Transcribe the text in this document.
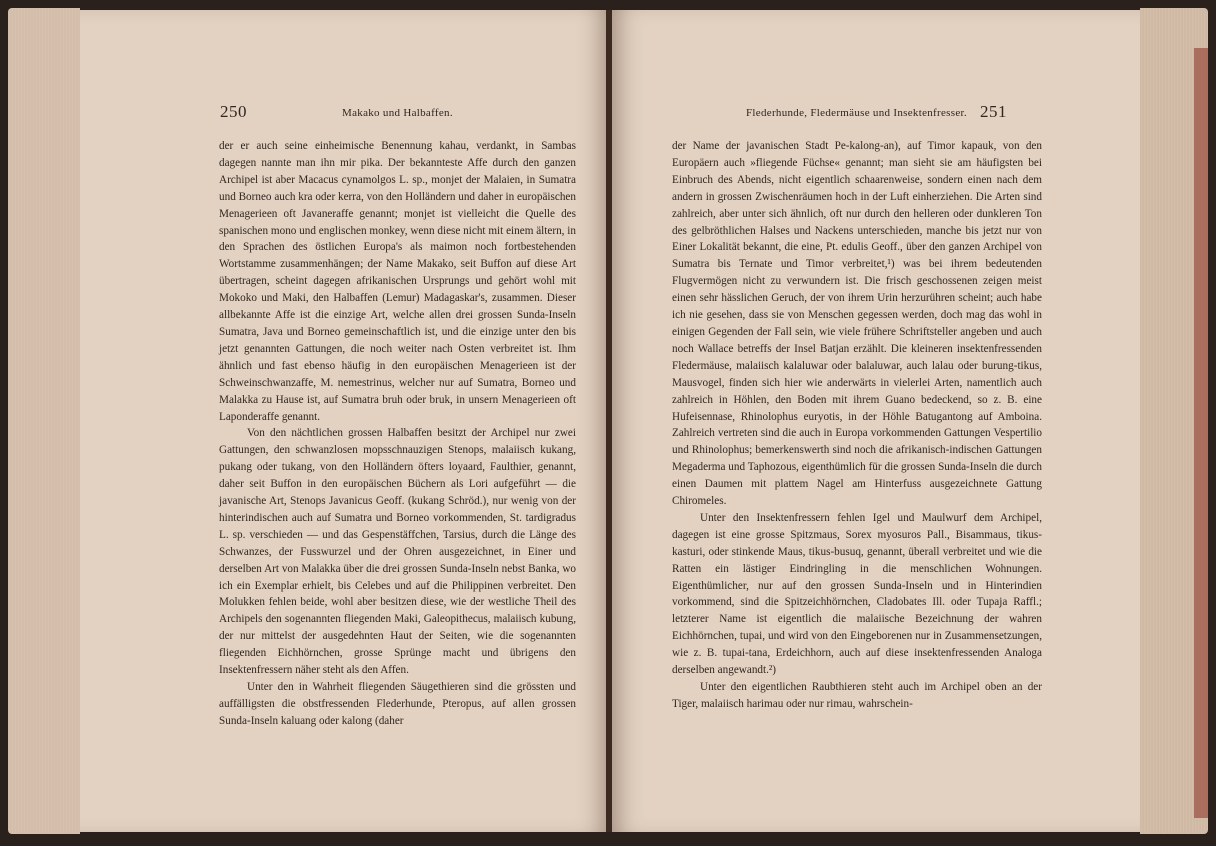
250	Makako und Halbaffen.

der er auch seine einheimische Benennung kahau, verdankt, in Sambas dagegen nannte man ihn mir pika. Der bekannteste Affe durch den ganzen Archipel ist aber Macacus cynamolgos L. sp., monjet der Malaien, in Sumatra und Borneo auch kra oder kerra, von den Holländern und daher in europäischen Menagerieen oft Javaneraffe genannt; monjet ist vielleicht die Quelle des spanischen mono und englischen monkey, wenn diese nicht mit einem ältern, in den Sprachen des östlichen Europa's als maimon noch fortbestehenden Wortstamme zusammenhängen; der Name Makako, seit Buffon auf diese Art übertragen, scheint dagegen afrikanischen Ursprungs und gehört wohl mit Mokoko und Maki, den Halbaffen (Lemur) Madagaskar's, zusammen. Dieser allbekannte Affe ist die einzige Art, welche allen drei grossen Sunda-Inseln Sumatra, Java und Borneo gemeinschaftlich ist, und die einzige unter den bis jetzt genannten Gattungen, die noch weiter nach Osten verbreitet ist. Ihm ähnlich und fast ebenso häufig in den europäischen Menagerieen ist der Schweinschwanzaffe, M. nemestrinus, welcher nur auf Sumatra, Borneo und Malakka zu Hause ist, auf Sumatra bruh oder bruk, in unsern Menagerieen oft Laponderaffe genannt.

Von den nächtlichen grossen Halbaffen besitzt der Archipel nur zwei Gattungen, den schwanzlosen mopsschnauzigen Stenops, malaiisch kukang, pukang oder tukang, von den Holländern öfters loyaard, Faulthier, genannt, daher seit Buffon in den europäischen Büchern als Lori aufgeführt — die javanische Art, Stenops Javanicus Geoff. (kukang Schröd.), nur wenig von der hinterindischen auch auf Sumatra und Borneo vorkommenden, St. tardigradus L. sp. verschieden — und das Gespenstäffchen, Tarsius, durch die Länge des Schwanzes, der Fusswurzel und der Ohren ausgezeichnet, in Einer und derselben Art von Malakka über die drei grossen Sunda-Inseln nebst Banka, wo ich ein Exemplar erhielt, bis Celebes und auf die Philippinen verbreitet. Den Molukken fehlen beide, wohl aber besitzen diese, wie der westliche Theil des Archipels den sogenannten fliegenden Maki, Galeopithecus, malaiisch kubung, der nur mittelst der ausgedehnten Haut der Seiten, wie die sogenannten fliegenden Eichhörnchen, grosse Sprünge macht und übrigens den Insektenfressern näher steht als den Affen.

Unter den in Wahrheit fliegenden Säugethieren sind die grössten und auffälligsten die obstfressenden Flederhunde, Pteropus, auf allen grossen Sunda-Inseln kaluang oder kalong (daher

Flederhunde, Fledermäuse und Insektenfresser. 251

der Name der javanischen Stadt Pe-kalong-an), auf Timor kapauk, von den Europäern auch »fliegende Füchse« genannt; man sieht sie am häufigsten bei Einbruch des Abends, nicht eigentlich schaarenweise, sondern einen nach dem andern in grossen Zwischenräumen hoch in der Luft einherziehen. Die Arten sind zahlreich, aber unter sich ähnlich, oft nur durch den helleren oder dunkleren Ton des gelbröthlichen Halses und Nackens unterschieden, manche bis jetzt nur von Einer Lokalität bekannt, die eine, Pt. edulis Geoff., über den ganzen Archipel von Sumatra bis Ternate und Timor verbreitet,¹) was bei ihrem bedeutenden Flugvermögen nicht zu verwundern ist. Die frisch geschossenen zeigen meist einen sehr hässlichen Geruch, der von ihrem Urin herzurühren scheint; auch habe ich nie gesehen, dass sie von Menschen gegessen werden, doch mag das wohl in einigen Gegenden der Fall sein, wie viele frühere Schriftsteller angeben und auch noch Wallace betreffs der Insel Batjan erzählt. Die kleineren insektenfressenden Fledermäuse, malaiisch kalaluwar oder balaluwar, auch lalau oder burung-tikus, Mausvogel, finden sich hier wie anderwärts in vielerlei Arten, namentlich auch zahlreich in Höhlen, den Boden mit ihrem Guano bedeckend, so z. B. eine Hufeisennase, Rhinolophus euryotis, in der Höhle Batugantong auf Amboina. Zahlreich vertreten sind die auch in Europa vorkommenden Gattungen Vespertilio und Rhinolophus; bemerkenswerth sind noch die afrikanisch-indischen Gattungen Megaderma und Taphozous, eigenthümlich für die grossen Sunda-Inseln die durch einen Daumen mit plattem Nagel am Hinterfuss ausgezeichnete Gattung Chiromeles.

Unter den Insektenfressern fehlen Igel und Maulwurf dem Archipel, dagegen ist eine grosse Spitzmaus, Sorex myosuros Pall., Bisammaus, tikus-kasturi, oder stinkende Maus, tikus-busuq, genannt, überall verbreitet und wie die Ratten ein lästiger Eindringling in die menschlichen Wohnungen. Eigenthümlicher, nur auf den grossen Sunda-Inseln und in Hinterindien vorkommend, sind die Spitzeichhörnchen, Cladobates Ill. oder Tupaja Raffl.; letzterer Name ist eigentlich die malaiische Bezeichnung der wahren Eichhörnchen, tupai, und wird von den Eingeborenen nur in Zusammensetzungen, wie z. B. tupai-tana, Erdeichhorn, auch auf diese insektenfressenden Analoga derselben angewandt.²)

Unter den eigentlichen Raubthieren steht auch im Archipel oben an der Tiger, malaiisch harimau oder nur rimau, wahrschein-
